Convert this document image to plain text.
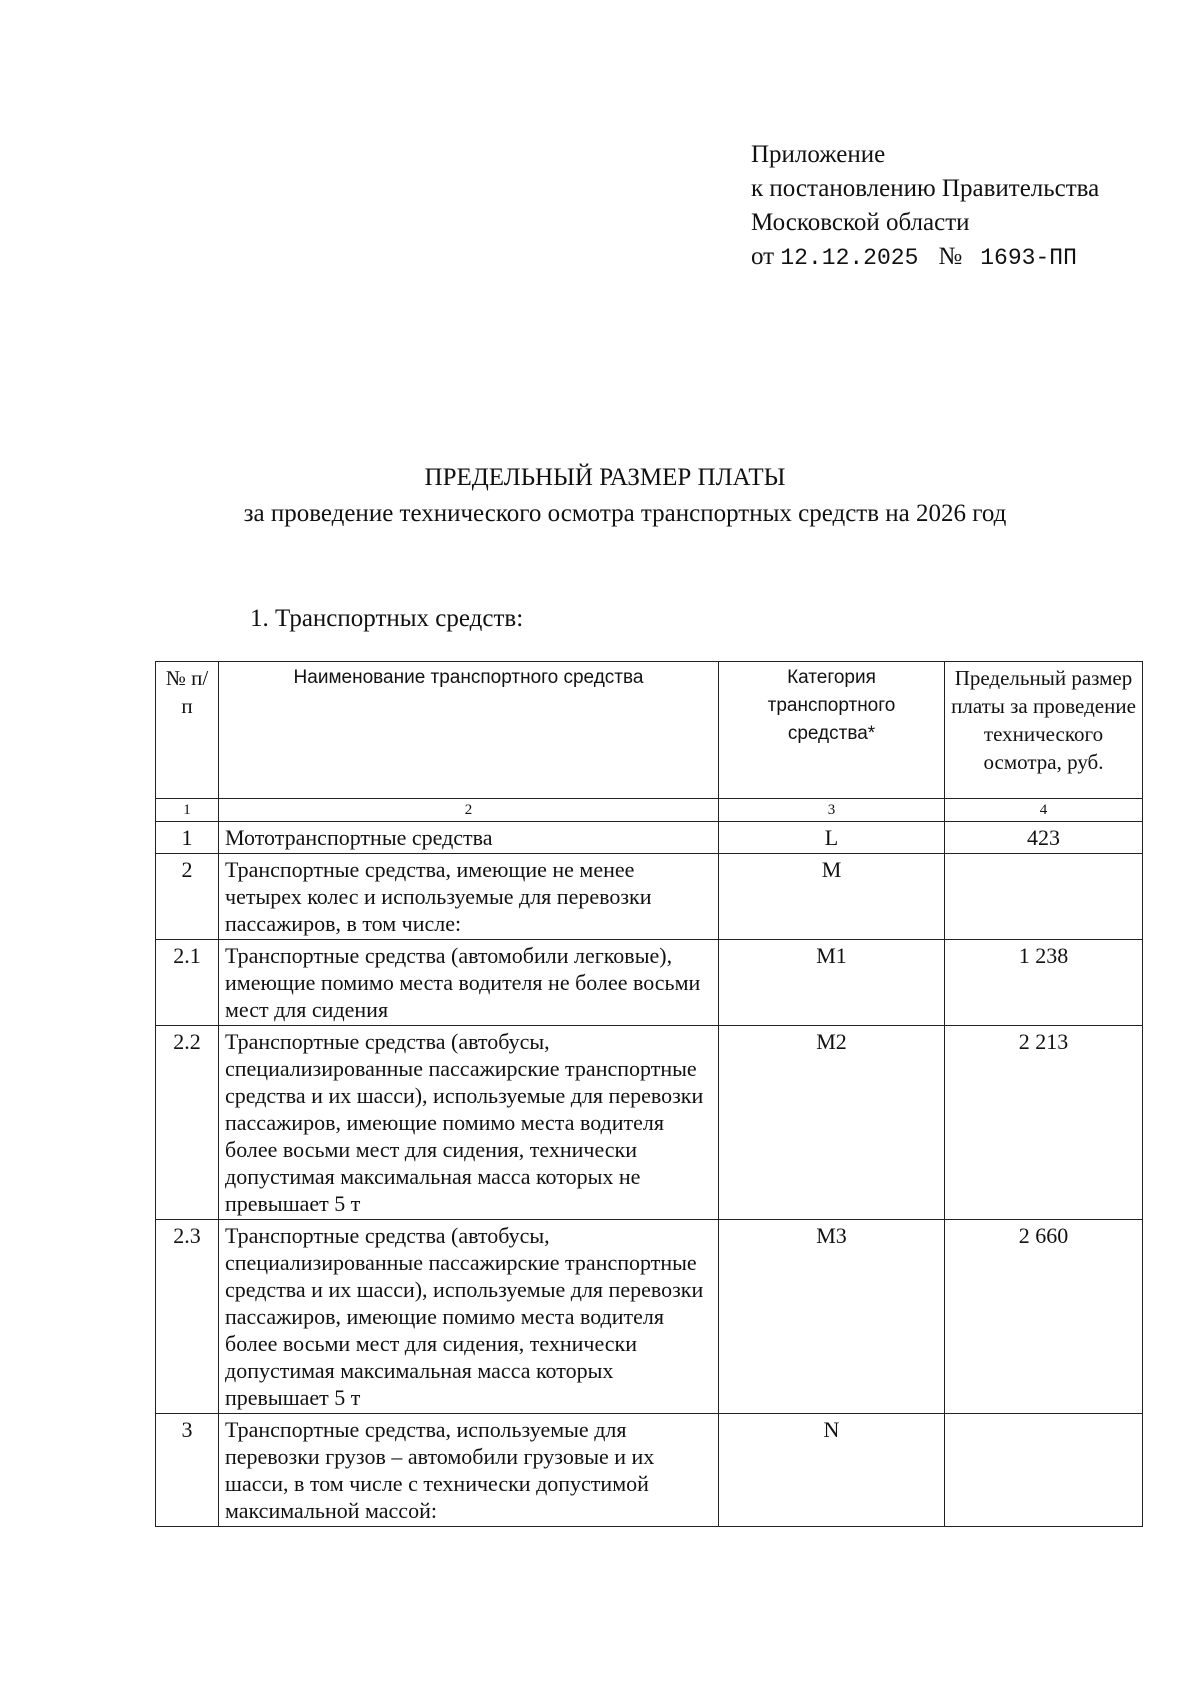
Приложение
к постановлению Правительства
Московской области
от 12.12.2025 № 1693-ПП
ПРЕДЕЛЬНЫЙ РАЗМЕР ПЛАТЫ
за проведение технического осмотра транспортных средств на 2026 год
1. Транспортных средств:
№ п/п	Наименование транспортного средства	Категория транспортного средства*	Предельный размер платы за проведение технического осмотра, руб.
1	2	3	4
1	Мототранспортные средства	L	423
2	Транспортные средства, имеющие не менее четырех колес и используемые для перевозки пассажиров, в том числе:	M	
2.1	Транспортные средства (автомобили легковые), имеющие помимо места водителя не более восьми мест для сидения	M1	1 238
2.2	Транспортные средства (автобусы, специализированные пассажирские транспортные средства и их шасси), используемые для перевозки пассажиров, имеющие помимо места водителя более восьми мест для сидения, технически допустимая максимальная масса которых не превышает 5 т	M2	2 213
2.3	Транспортные средства (автобусы, специализированные пассажирские транспортные средства и их шасси), используемые для перевозки пассажиров, имеющие помимо места водителя более восьми мест для сидения, технически допустимая максимальная масса которых превышает 5 т	M3	2 660
3	Транспортные средства, используемые для перевозки грузов – автомобили грузовые и их шасси, в том числе с технически допустимой максимальной массой:	N	
